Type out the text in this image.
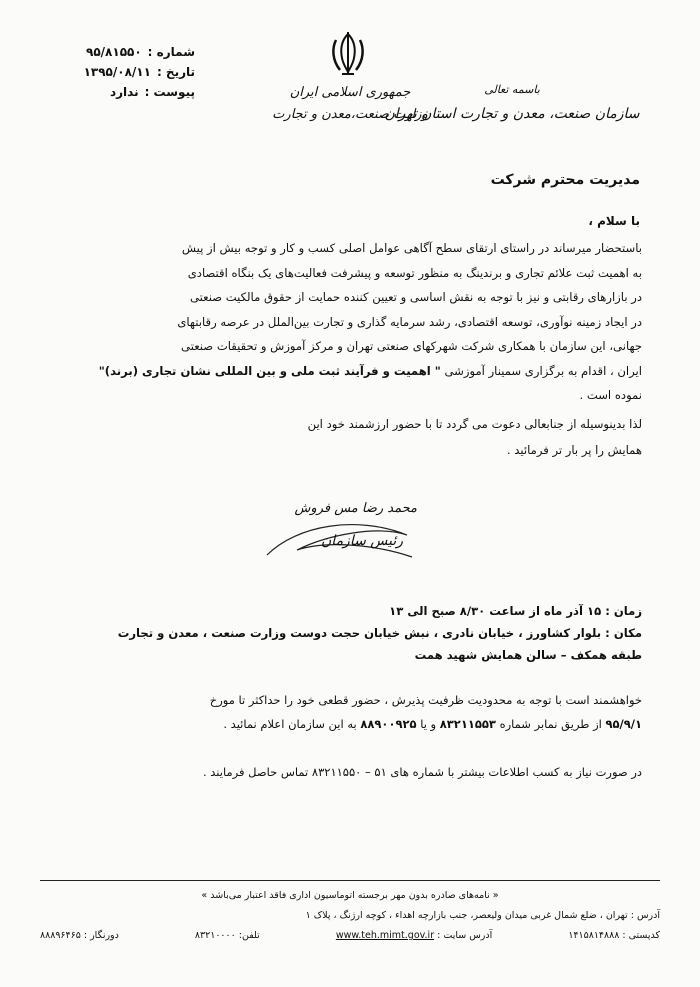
شماره :
۹۵/۸۱۵۵۰
تاریخ :
۱۳۹۵/۰۸/۱۱
پیوست :
ندارد	جمهوری اسلامی ایران
وزارت صنعت،معدن و تجارت
باسمه تعالی
سازمان صنعت، معدن و تجارت استان تهران
مدیریت محترم شرکت
با سلام ،

باستحضار میرساند در راستای ارتقای سطح آگاهی عوامل اصلی کسب و کار و توجه بیش از پیش

به اهمیت ثبت علائم تجاری و برندینگ به منظور توسعه و پیشرفت فعالیت‌های یک بنگاه اقتصادی

در بازارهای رقابتی و نیز با توجه به نقش اساسی و تعیین کننده حمایت از حقوق مالکیت صنعتی

در ایجاد زمینه نوآوری، توسعه اقتصادی، رشد سرمایه گذاری و تجارت بین‌الملل در عرصه رقابتهای

جهانی، این سازمان با همکاری شرکت شهرکهای صنعتی تهران و مرکز آموزش و تحقیقات صنعتی

ایران ، اقدام به برگزاری سمینار آموزشی " اهمیت و فرآیند ثبت ملی و بین المللی نشان تجاری (برند)"

نموده است .

لذا بدینوسیله از جنابعالی دعوت می گردد تا با حضور ارزشمند خود این

همایش را پر بار تر فرمائید .

محمد رضا مس فروش
رئیس سازمان
زمان : ۱۵ آذر ماه از ساعت ۸/۳۰ صبح الی ۱۳
مکان : بلوار کشاورز ، خیابان نادری ، نبش خیابان حجت دوست وزارت صنعت ، معدن و تجارت
طبقه همکف – سالن همایش شهید همت

خواهشمند است با توجه به محدودیت ظرفیت پذیرش ، حضور قطعی خود را حداکثر تا مورخ

۹۵/۹/۱ از طریق نمابر شماره ۸۳۲۱۱۵۵۳ و یا ۸۸۹۰۰۹۲۵ به این سازمان اعلام نمائید .

در صورت نیاز به کسب اطلاعات بیشتر با شماره های ۵۱ – ۸۳۲۱۱۵۵۰ تماس حاصل فرمایند .
« نامه‌های صادره بدون مهر برجسته اتوماسیون اداری فاقد اعتبار می‌باشد »
آدرس : تهران ، ضلع شمال غربی میدان ولیعصر، جنب بازارچه اهداء ، کوچه ارژنگ ، پلاک ۱
کدپستی : ۱۴۱۵۸۱۴۸۸۸
آدرس سایت : www.teh.mimt.gov.ir
تلفن: ۸۳۲۱۰۰۰۰
دورنگار : ۸۸۸۹۶۴۶۵
